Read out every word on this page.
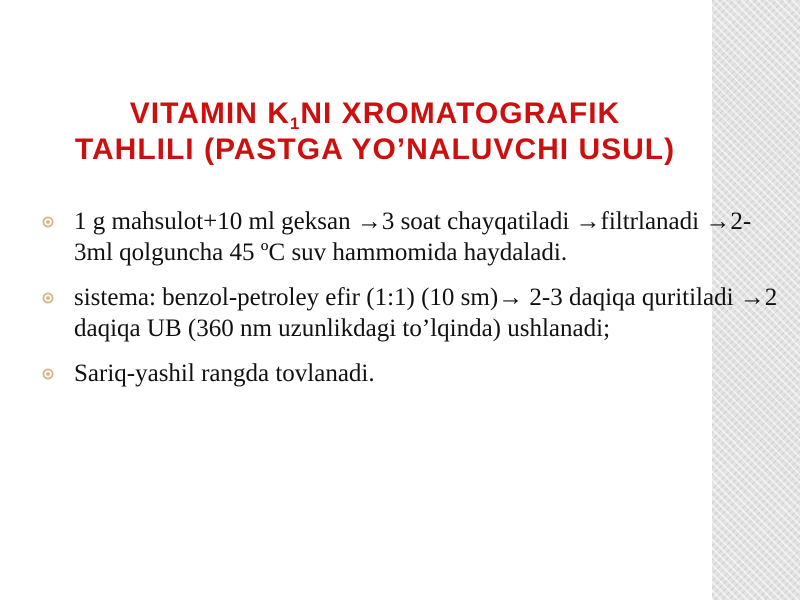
VITAMIN $K_1NI$ XROMATOGRAFIK
TAHLILI (PASTGA YO’NALUVCHI USUL)
1 g mahsulot+10 ml geksan →3 soat chayqatiladi →filtrlanadi →2-3ml qolguncha 45 ºC suv hammomida haydaladi.
sistema: benzol-petroley efir (1:1) (10 sm)→ 2-3 daqiqa quritiladi →2 daqiqa UB (360 nm uzunlikdagi to’lqinda) ushlanadi;
Sariq-yashil rangda tovlanadi.
